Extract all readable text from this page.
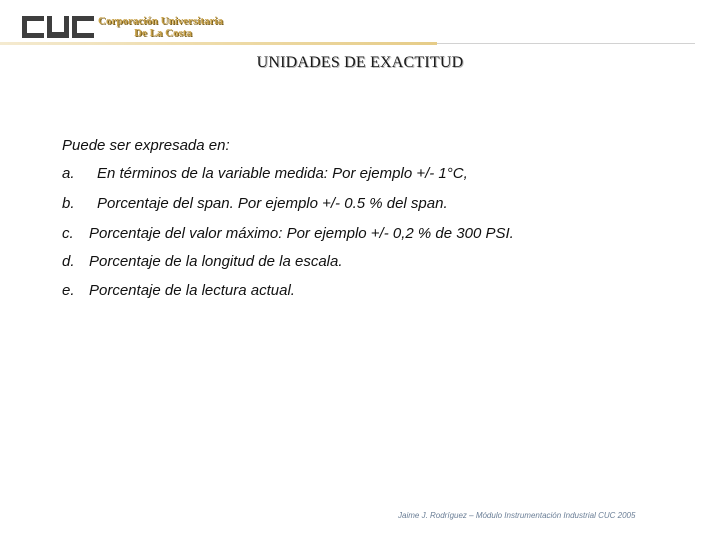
Corporación Universitaria
De La Costa
UNIDADES DE EXACTITUD

Puede ser expresada en:

a. En términos de la variable medida: Por ejemplo +/- 1°C,
b. Porcentaje del span. Por ejemplo +/- 0.5 % del span.
c. Porcentaje del valor máximo: Por ejemplo +/- 0,2 % de 300 PSI.
d. Porcentaje de la longitud de la escala.
e. Porcentaje de la lectura actual.
Jaime J. Rodríguez – Módulo Instrumentación Industrial CUC 2005
